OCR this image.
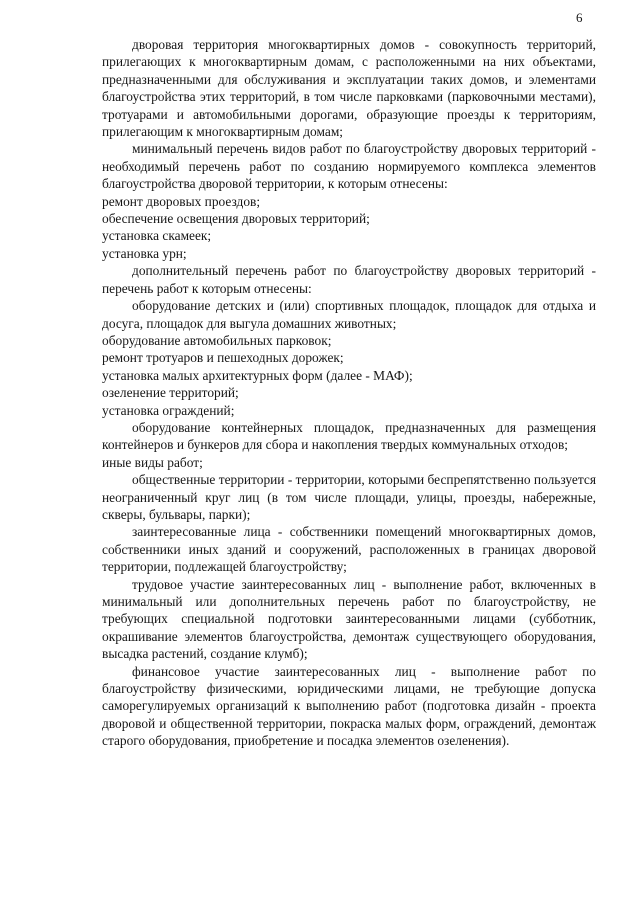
6

дворовая территория многоквартирных домов - совокупность территорий, прилегающих к многоквартирным домам, с расположенными на них объектами, предназначенными для обслуживания и эксплуатации таких домов, и элементами благоустройства этих территорий, в том числе парковками (парковочными местами), тротуарами и автомобильными дорогами, образующие проезды к территориям, прилегающим к многоквартирным домам;

минимальный перечень видов работ по благоустройству дворовых территорий - необходимый перечень работ по созданию нормируемого комплекса элементов благоустройства дворовой территории, к которым отнесены:

ремонт дворовых проездов;

обеспечение освещения дворовых территорий;

установка скамеек;

установка урн;

дополнительный перечень работ по благоустройству дворовых территорий - перечень работ к которым отнесены:

оборудование детских и (или) спортивных площадок, площадок для отдыха и досуга, площадок для выгула домашних животных;

оборудование автомобильных парковок;

ремонт тротуаров и пешеходных дорожек;

установка малых архитектурных форм (далее - МАФ);

озеленение территорий;

установка ограждений;

оборудование контейнерных площадок, предназначенных для размещения контейнеров и бункеров для сбора и накопления твердых коммунальных отходов;

иные виды работ;

общественные территории - территории, которыми беспрепятственно пользуется неограниченный круг лиц (в том числе площади, улицы, проезды, набережные, скверы, бульвары, парки);

заинтересованные лица - собственники помещений многоквартирных домов, собственники иных зданий и сооружений, расположенных в границах дворовой территории, подлежащей благоустройству;

трудовое участие заинтересованных лиц - выполнение работ, включенных в минимальный или дополнительных перечень работ по благоустройству, не требующих специальной подготовки заинтересованными лицами (субботник, окрашивание элементов благоустройства, демонтаж существующего оборудования, высадка растений, создание клумб);

финансовое участие заинтересованных лиц - выполнение работ по благоустройству физическими, юридическими лицами, не требующие допуска саморегулируемых организаций к выполнению работ (подготовка дизайн - проекта дворовой и общественной территории, покраска малых форм, ограждений, демонтаж старого оборудования, приобретение и посадка элементов озеленения).
